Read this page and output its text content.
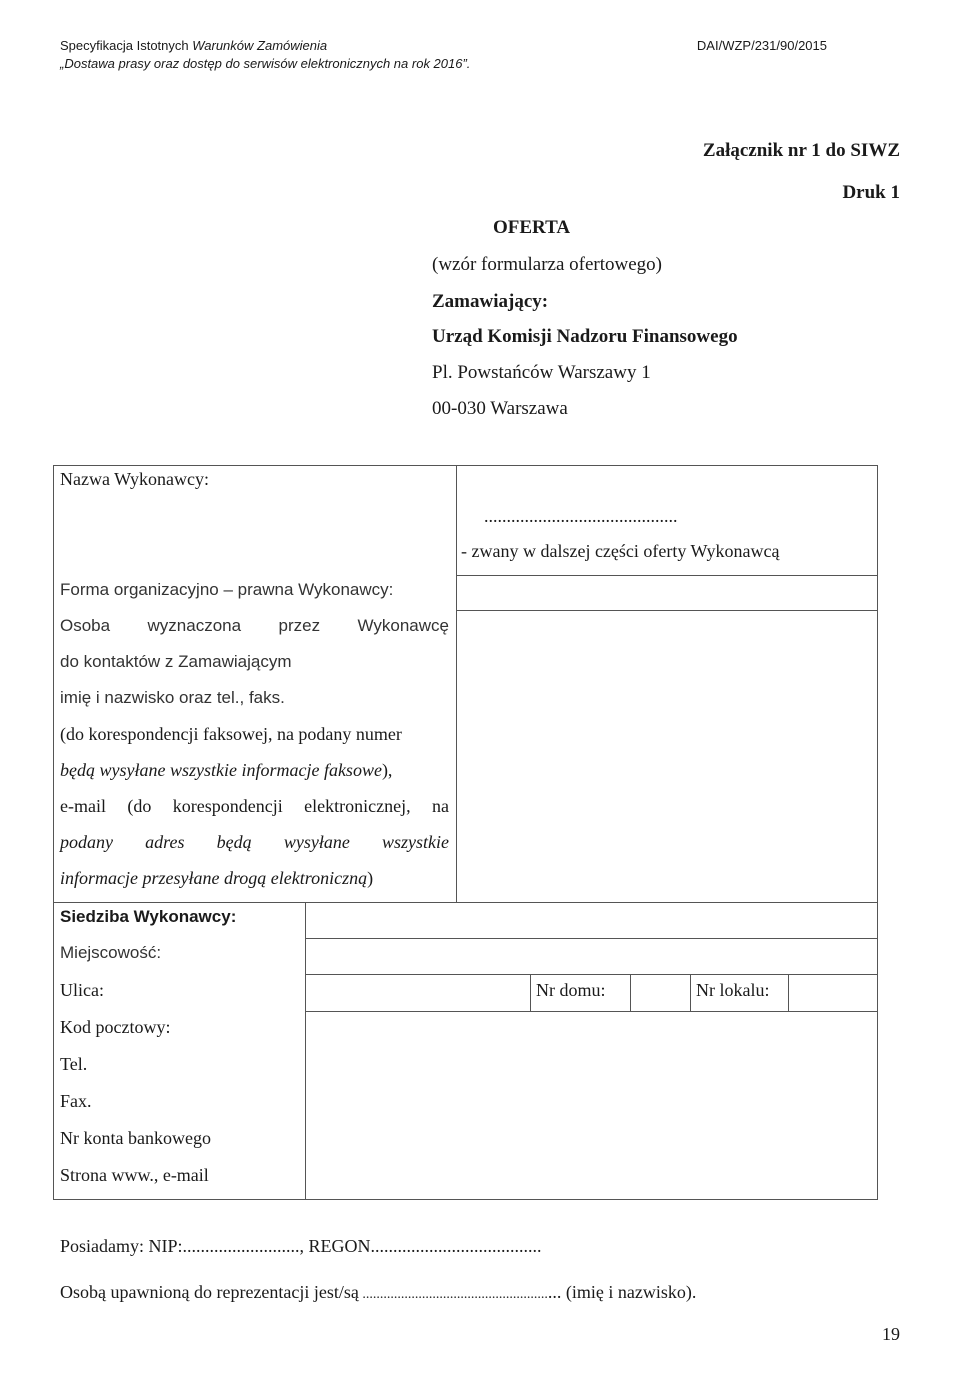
Specyfikacja Istotnych Warunków Zamówienia
„Dostawa prasy oraz dostęp do serwisów elektronicznych na rok 2016”.
DAI/WZP/231/90/2015
Załącznik nr 1 do SIWZ
Druk 1
OFERTA
(wzór formularza ofertowego)
Zamawiający:
Urząd Komisji Nadzoru Finansowego
Pl. Powstańców Warszawy 1
00-030 Warszawa
Nazwa Wykonawcy:
...........................................
- zwany w dalszej części oferty Wykonawcą
Forma organizacyjno – prawna Wykonawcy:
Osoba wyznaczona przez Wykonawcę
do kontaktów z Zamawiającym
imię i nazwisko oraz tel., faks.
(do korespondencji faksowej, na podany numer
będą wysyłane wszystkie informacje faksowe),
e-mail (do korespondencji elektronicznej, na
podany adres będą wysyłane wszystkie
informacje przesyłane drogą elektroniczną)
Siedziba Wykonawcy:
Miejscowość:
Ulica:	Nr domu:	Nr lokalu:
Kod pocztowy:
Tel.
Fax.
Nr konta bankowego
Strona www., e-mail
Posiadamy: NIP:.........................., REGON......................................
Osobą upawnioną do reprezentacji jest/są ........................................................ (imię i nazwisko).
19
